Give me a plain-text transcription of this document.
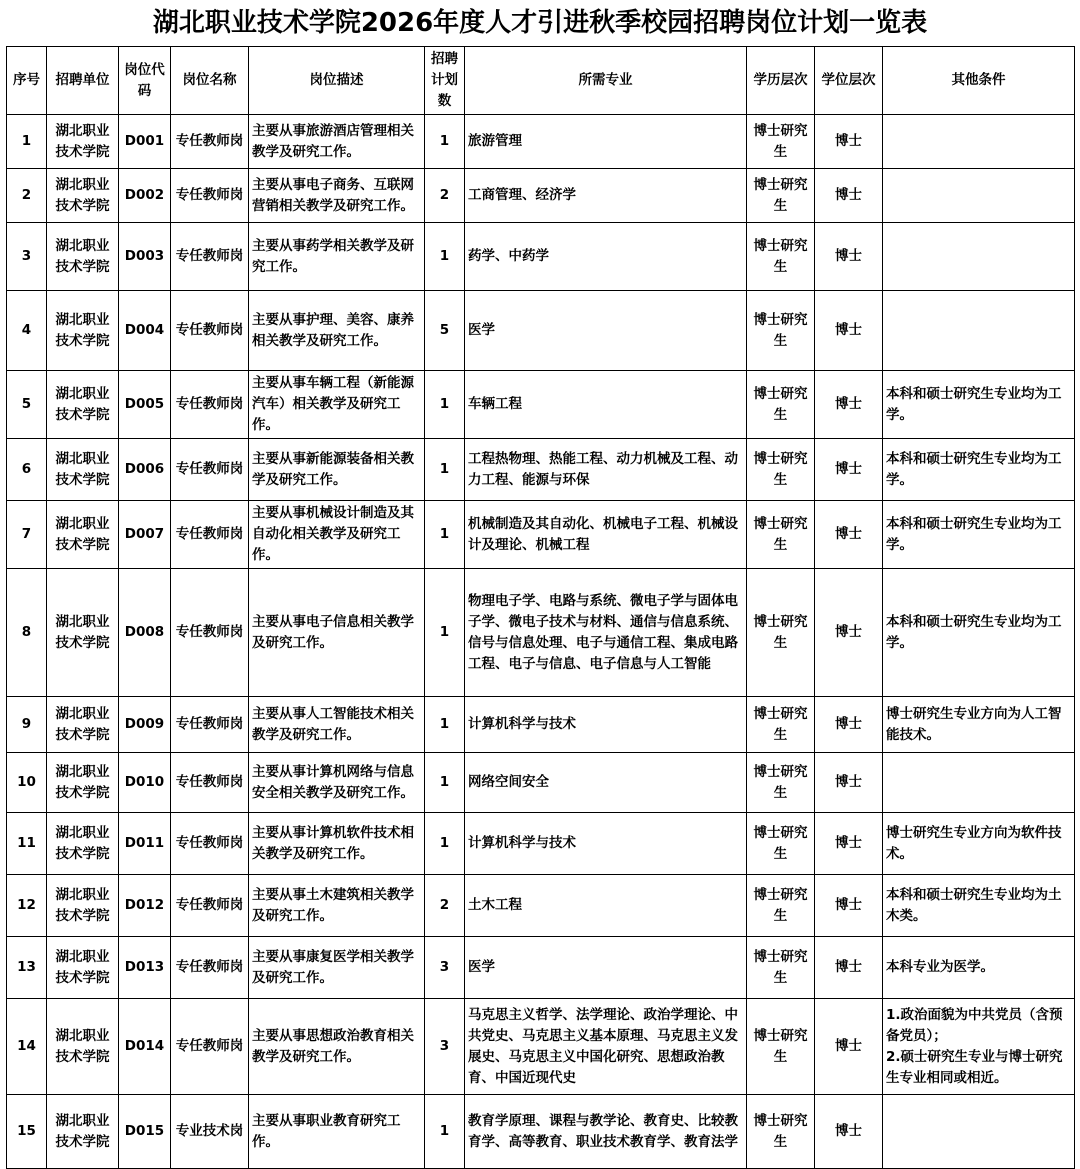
湖北职业技术学院2026年度人才引进秋季校园招聘岗位计划一览表
序号	招聘单位	岗位代码	岗位名称	岗位描述	招聘计划数	所需专业	学历层次	学位层次	其他条件
1	湖北职业技术学院	D001	专任教师岗	主要从事旅游酒店管理相关教学及研究工作。	1	旅游管理	博士研究生	博士	
2	湖北职业技术学院	D002	专任教师岗	主要从事电子商务、互联网营销相关教学及研究工作。	2	工商管理、经济学	博士研究生	博士	
3	湖北职业技术学院	D003	专任教师岗	主要从事药学相关教学及研究工作。	1	药学、中药学	博士研究生	博士	
4	湖北职业技术学院	D004	专任教师岗	主要从事护理、美容、康养相关教学及研究工作。	5	医学	博士研究生	博士	
5	湖北职业技术学院	D005	专任教师岗	主要从事车辆工程（新能源汽车）相关教学及研究工作。	1	车辆工程	博士研究生	博士	本科和硕士研究生专业均为工学。
6	湖北职业技术学院	D006	专任教师岗	主要从事新能源装备相关教学及研究工作。	1	工程热物理、热能工程、动力机械及工程、动力工程、能源与环保	博士研究生	博士	本科和硕士研究生专业均为工学。
7	湖北职业技术学院	D007	专任教师岗	主要从事机械设计制造及其自动化相关教学及研究工作。	1	机械制造及其自动化、机械电子工程、机械设计及理论、机械工程	博士研究生	博士	本科和硕士研究生专业均为工学。
8	湖北职业技术学院	D008	专任教师岗	主要从事电子信息相关教学及研究工作。	1	物理电子学、电路与系统、微电子学与固体电子学、微电子技术与材料、通信与信息系统、信号与信息处理、电子与通信工程、集成电路工程、电子与信息、电子信息与人工智能	博士研究生	博士	本科和硕士研究生专业均为工学。
9	湖北职业技术学院	D009	专任教师岗	主要从事人工智能技术相关教学及研究工作。	1	计算机科学与技术	博士研究生	博士	博士研究生专业方向为人工智能技术。
10	湖北职业技术学院	D010	专任教师岗	主要从事计算机网络与信息安全相关教学及研究工作。	1	网络空间安全	博士研究生	博士	
11	湖北职业技术学院	D011	专任教师岗	主要从事计算机软件技术相关教学及研究工作。	1	计算机科学与技术	博士研究生	博士	博士研究生专业方向为软件技术。
12	湖北职业技术学院	D012	专任教师岗	主要从事土木建筑相关教学及研究工作。	2	土木工程	博士研究生	博士	本科和硕士研究生专业均为土木类。
13	湖北职业技术学院	D013	专任教师岗	主要从事康复医学相关教学及研究工作。	3	医学	博士研究生	博士	本科专业为医学。
14	湖北职业技术学院	D014	专任教师岗	主要从事思想政治教育相关教学及研究工作。	3	马克思主义哲学、法学理论、政治学理论、中共党史、马克思主义基本原理、马克思主义发展史、马克思主义中国化研究、思想政治教育、中国近现代史	博士研究生	博士	1.政治面貌为中共党员（含预备党员）；
2.硕士研究生专业与博士研究生专业相同或相近。
15	湖北职业技术学院	D015	专业技术岗	主要从事职业教育研究工作。	1	教育学原理、课程与教学论、教育史、比较教育学、高等教育、职业技术教育学、教育法学	博士研究生	博士	
